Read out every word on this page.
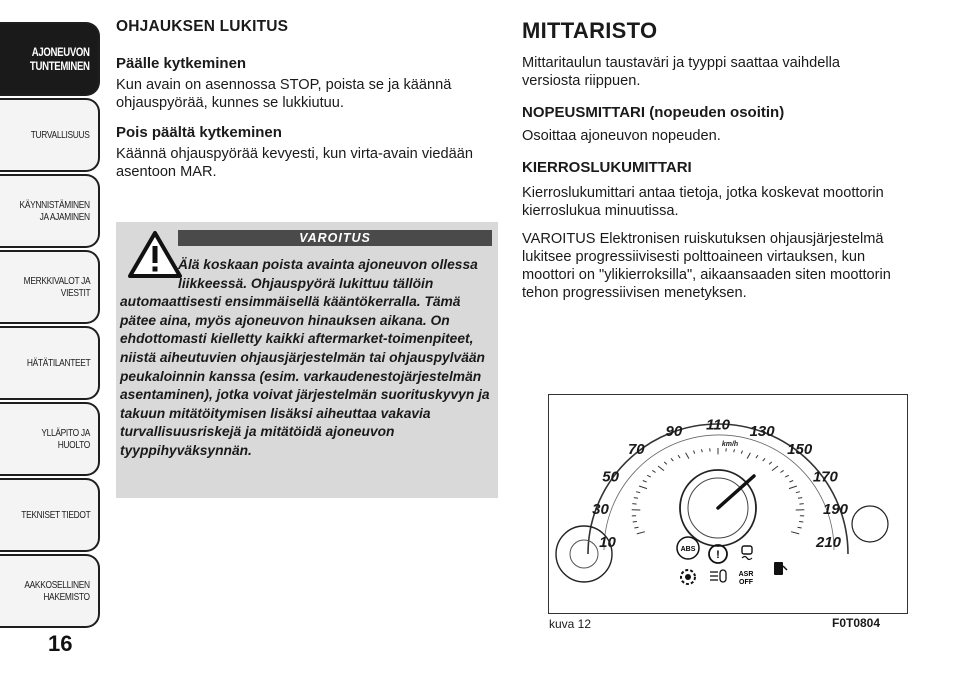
AJONEUVON
TUNTEMINEN
TURVALLISUUS
KÄYNNISTÄMINEN
JA AJAMINEN
MERKKIVALOT JA
VIESTIT
HÄTÄTILANTEET
YLLÄPITO JA HUOLTO
TEKNISET TIEDOT
AAKKOSELLINEN
HAKEMISTO
16
OHJAUKSEN LUKITUS
Päälle kytkeminen

Kun avain on asennossa STOP, poista se ja käännä ohjauspyörää, kunnes se lukkiutuu.

Pois päältä kytkeminen

Käännä ohjauspyörää kevyesti, kun virta-avain viedään asentoon MAR.

VAROITUS
Älä koskaan poista avainta ajoneuvon ollessa liikkeessä. Ohjauspyörä lukittuu tällöin automaattisesti ensimmäisellä kääntökerralla. Tämä pätee aina, myös ajoneuvon hinauksen aikana. On ehdottomasti kielletty kaikki aftermarket-toimenpiteet, niistä aiheutuvien ohjausjärjestelmän tai ohjauspylvään peukaloinnin kanssa (esim. varkaudenestojärjestelmän asentaminen), jotka voivat järjestelmän suorituskyvyn ja takuun mitätöitymisen lisäksi aiheuttaa vakavia turvallisuusriskejä ja mitätöidä ajoneuvon tyyppihyväksynnän.
MITTARISTO

Mittaritaulun taustaväri ja tyyppi saattaa vaihdella versiosta riippuen.

NOPEUSMITTARI (nopeuden osoitin)

Osoittaa ajoneuvon nopeuden.

KIERROSLUKUMITTARI

Kierroslukumittari antaa tietoja, jotka koskevat moottorin kierroslukua minuutissa.

VAROITUS Elektronisen ruiskutuksen ohjausjärjestelmä lukitsee progressiivisesti polttoaineen virtauksen, kun moottori on "ylikierroksilla", aikaansaaden siten moottorin tehon progressiivisen menetyksen.

10
30
50
70
90 110 130
150
170
190
210
km/h
ABS !
ASR
OFF
kuva 12	F0T0804
